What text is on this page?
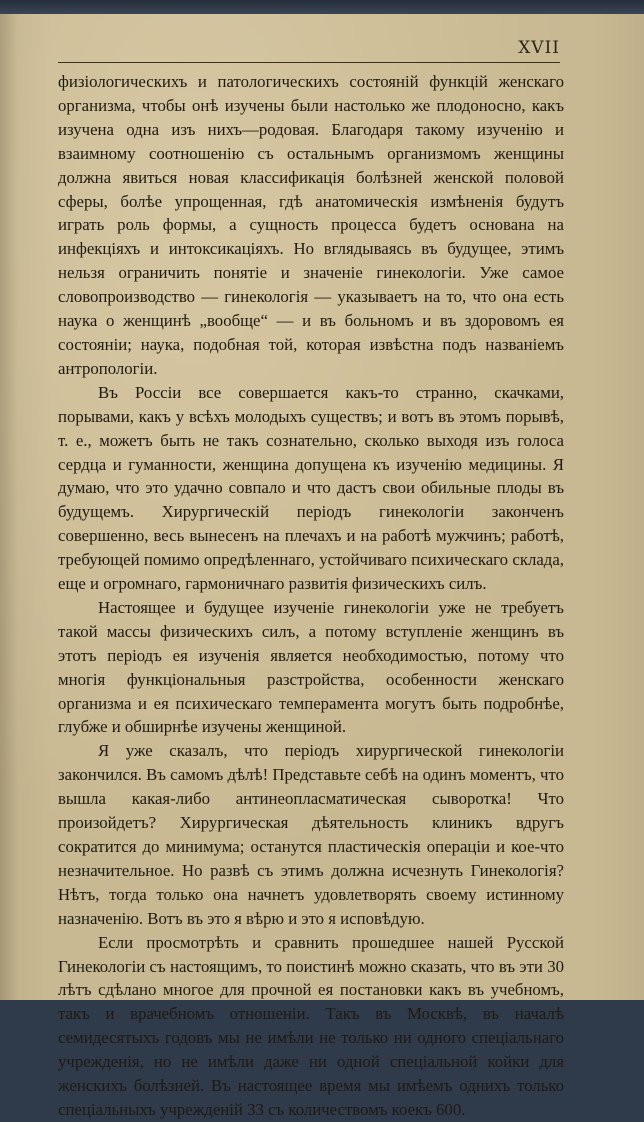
XVII

физiологическихъ и патологическихъ состоянiй функцiй женскаго организма, чтобы онѣ изучены были настолько же плодоносно, какъ изучена одна изъ нихъ—родовая. Благодаря такому изученiю и взаимному соотношенiю съ остальнымъ организмомъ женщины должна явиться новая классификацiя болѣзней женской половой сферы, болѣе упрощенная, гдѣ анатомическiя измѣненiя будутъ играть роль формы, а сущность процесса будетъ основана на инфекцiяхъ и интоксикацiяхъ. Но вглядываясь въ будущее, этимъ нельзя ограничить понятiе и значенiе гинекологiи. Уже самое словопроизводство — гинекологiя — указываетъ на то, что она есть наука о женщинѣ „вообще“ — и въ больномъ и въ здоровомъ ея состоянiи; наука, подобная той, которая извѣстна подъ названiемъ антропологiи.

Въ Россiи все совершается какъ-то странно, скачками, порывами, какъ у всѣхъ молодыхъ существъ; и вотъ въ этомъ порывѣ, т. е., можетъ быть не такъ сознательно, сколько выходя изъ голоса сердца и гуманности, женщина допущена къ изученiю медицины. Я думаю, что это удачно совпало и что дастъ свои обильные плоды въ будущемъ. Хирургическiй перiодъ гинекологiи законченъ совершенно, весь вынесенъ на плечахъ и на работѣ мужчинъ; работѣ, требующей помимо опредѣленнаго, устойчиваго психическаго склада, еще и огромнаго, гармоничнаго развитiя физическихъ силъ.

Настоящее и будущее изученiе гинекологiи уже не требуетъ такой массы физическихъ силъ, а потому вступленiе женщинъ въ этотъ перiодъ ея изученiя является необходимостью, потому что многiя функцiональныя разстройства, особенности женскаго организма и ея психическаго темперамента могутъ быть подробнѣе, глубже и обширнѣе изучены женщиной.

Я уже сказалъ, что перiодъ хирургической гинекологiи закончился. Въ самомъ дѣлѣ! Представьте себѣ на одинъ моментъ, что вышла какая-либо антинеопласматическая сыворотка! Что произойдетъ? Хирургическая дѣятельность клиникъ вдругъ сократится до минимума; останутся пластическiя операцiи и кое-что незначительное. Но развѣ съ этимъ должна исчезнуть Гинекологiя? Нѣтъ, тогда только она начнетъ удовлетворять своему истинному назначенiю. Вотъ въ это я вѣрю и это я исповѣдую.

Если просмотрѣть и сравнить прошедшее нашей Русской Гинекологiи съ настоящимъ, то поистинѣ можно сказать, что въ эти 30 лѣтъ сдѣлано многое для прочной ея постановки какъ въ учебномъ, такъ и врачебномъ отношенiи. Такъ въ Москвѣ, въ началѣ семидесятыхъ годовъ мы не имѣли не только ни одного спецiальнаго учрежденiя, но не имѣли даже ни одной спецiальной койки для женскихъ болѣзней. Въ настоящее время мы имѣемъ однихъ только спецiальныхъ учрежденiй 33 съ количествомъ коекъ 600.
